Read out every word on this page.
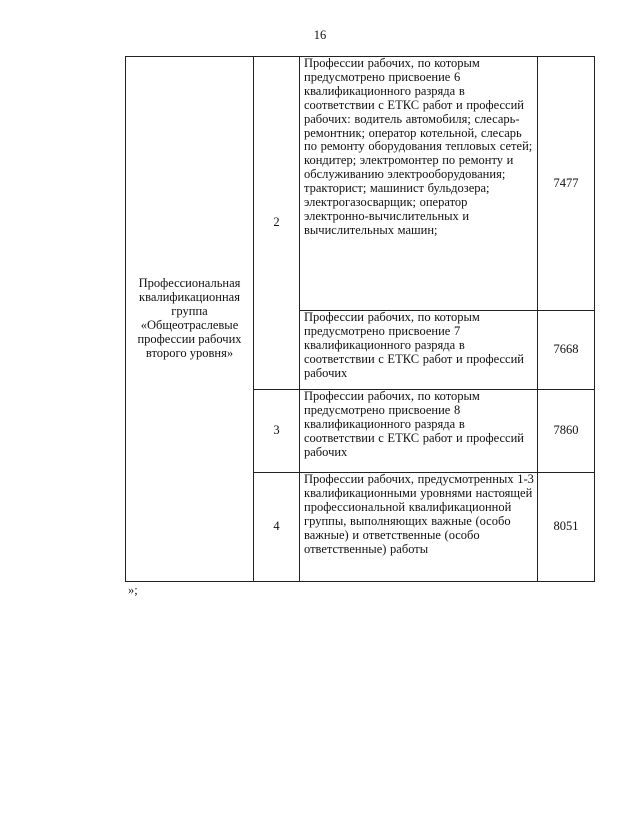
16
Профессиональная квалификационная группа «Общеотраслевые профессии рабочих второго уровня»	2	Профессии рабочих, по которым предусмотрено присвоение 6 квалификационного разряда в соответствии с ЕТКС работ и профессий рабочих: водитель автомобиля; слесарь-ремонтник; оператор котельной, слесарь по ремонту оборудования тепловых сетей; кондитер; электромонтер по ремонту и обслуживанию электрооборудования; тракторист; машинист бульдозера; электрогазосварщик; оператор электронно-вычислительных и вычислительных машин;	7477
		Профессии рабочих, по которым предусмотрено присвоение 7 квалификационного разряда в соответствии с ЕТКС работ и профессий рабочих	7668
	3	Профессии рабочих, по которым предусмотрено присвоение 8 квалификационного разряда в соответствии с ЕТКС работ и профессий рабочих	7860
	4	Профессии рабочих, предусмотренных 1-3 квалификационными уровнями настоящей профессиональной квалификационной группы, выполняющих важные (особо важные) и ответственные (особо ответственные) работы	8051
»;
